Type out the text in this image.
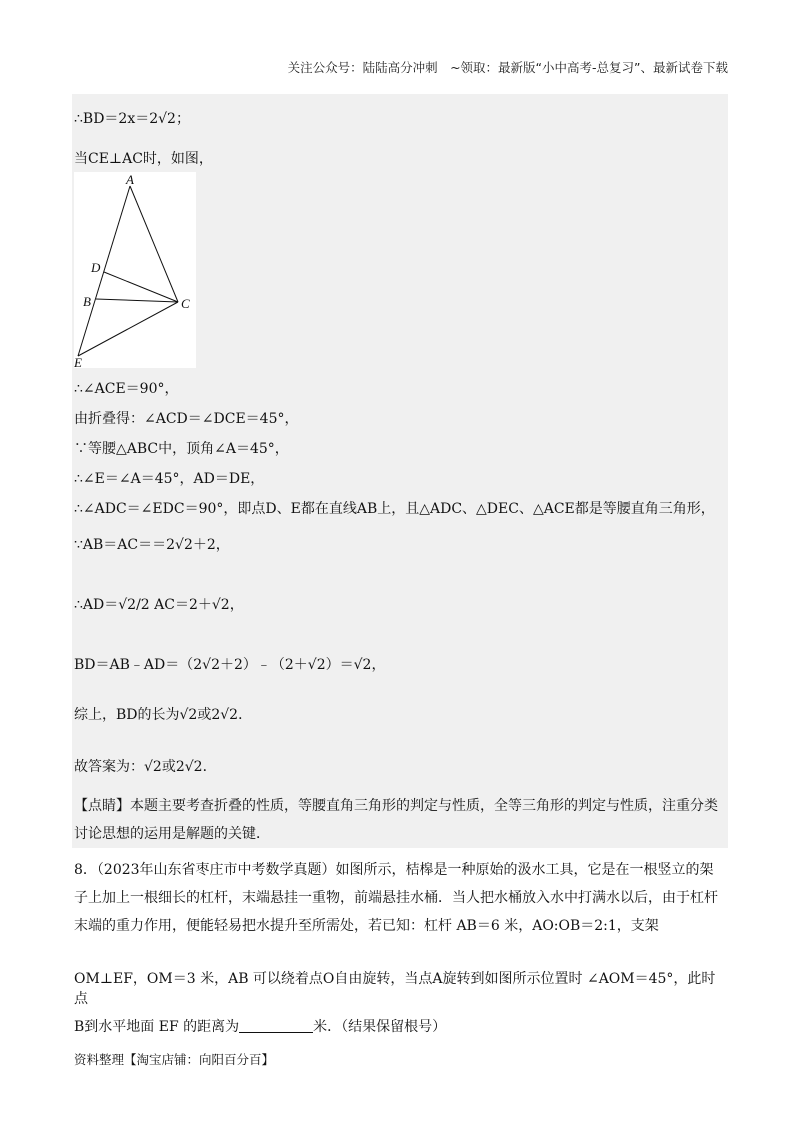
关注公众号：陆陆高分冲刺　~领取：最新版“小中高考-总复习”、最新试卷下载
∴BD＝2x＝2√2；
当CE⊥AC时，如图，
A
D
B	C
E
∴∠ACE＝90°，
由折叠得：∠ACD＝∠DCE＝45°，
∵等腰△ABC中，顶角∠A＝45°，
∴∠E＝∠A＝45°，AD＝DE，
∴∠ADC＝∠EDC＝90°，即点D、E都在直线AB上，且△ADC、△DEC、△ACE都是等腰直角三角形，
∵AB＝AC＝＝2√2＋2，
∴AD＝√2/2 AC＝2＋√2，
BD＝AB﹣AD＝（2√2＋2）﹣（2＋√2）＝√2，
综上，BD的长为√2或2√2．
故答案为：√2或2√2．
【点睛】本题主要考查折叠的性质，等腰直角三角形的判定与性质，全等三角形的判定与性质，注重分类讨论思想的运用是解题的关键．
8．（2023年山东省枣庄市中考数学真题）如图所示，桔槔是一种原始的汲水工具，它是在一根竖立的架子上加上一根细长的杠杆，末端悬挂一重物，前端悬挂水桶．当人把水桶放入水中打满水以后，由于杠杆末端的重力作用，便能轻易把水提升至所需处，若已知：杠杆 AB＝6 米，AO:OB＝2:1，支架
OM⊥EF，OM＝3 米，AB 可以绕着点O自由旋转，当点A旋转到如图所示位置时 ∠AOM＝45°，此时点
B到水平地面 EF 的距离为	米．（结果保留根号）
资料整理【淘宝店铺：向阳百分百】
